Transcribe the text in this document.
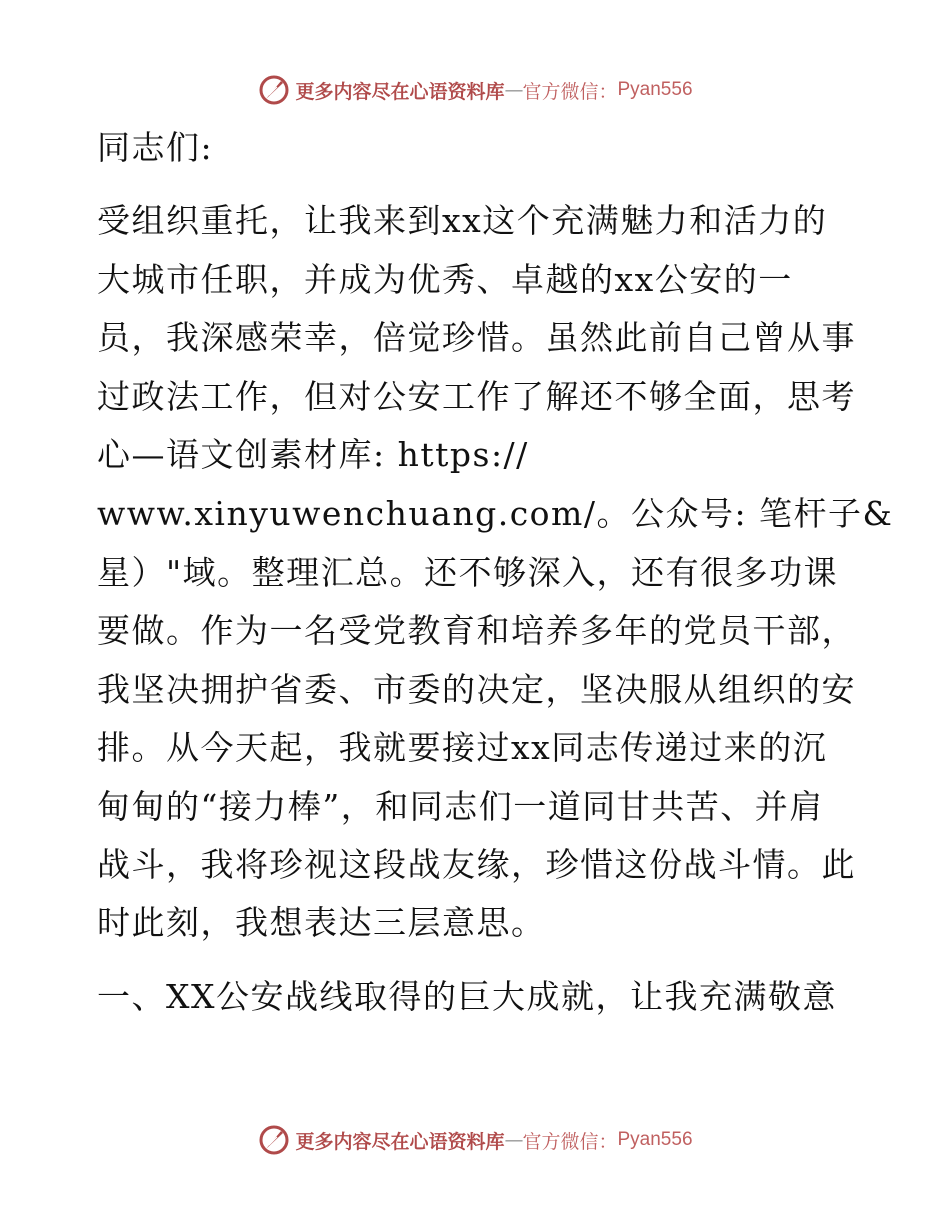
更多内容尽在心语资料库 — 官方微信： Pyan556

同志们:

受组织重托，让我来到xx这个充满魅力和活力的

大城市任职，并成为优秀、卓越的xx公安的一

员，我深感荣幸，倍觉珍惜。虽然此前自己曾从事

过政法工作，但对公安工作了解还不够全面，思考

心—语文创素材库: https://

www.xinyuwenchuang.com/。公众号: 笔杆子&

星）"域。整理汇总。还不够深入，还有很多功课

要做。作为一名受党教育和培养多年的党员干部，

我坚决拥护省委、市委的决定，坚决服从组织的安

排。从今天起，我就要接过xx同志传递过来的沉

甸甸的“接力棒”，和同志们一道同甘共苦、并肩

战斗，我将珍视这段战友缘，珍惜这份战斗情。此

时此刻，我想表达三层意思。

一、XX公安战线取得的巨大成就，让我充满敬意

更多内容尽在心语资料库 — 官方微信： Pyan556
